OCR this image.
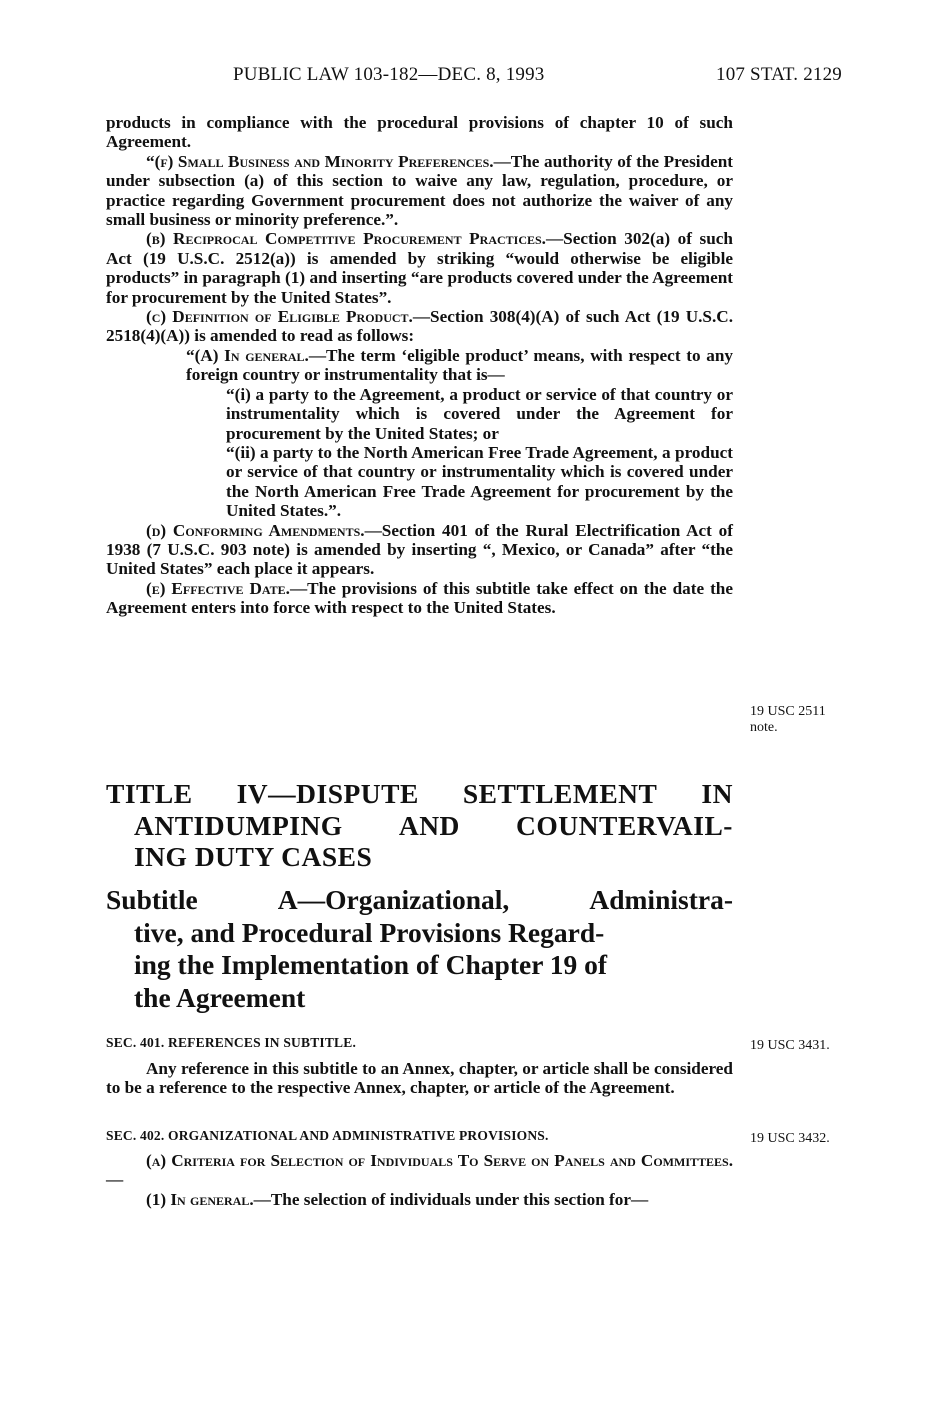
PUBLIC LAW 103-182—DEC. 8, 1993	107 STAT. 2129

products in compliance with the procedural provisions of chapter 10 of such Agreement.

“(f) Small Business and Minority Preferences.—The authority of the President under subsection (a) of this section to waive any law, regulation, procedure, or practice regarding Government procurement does not authorize the waiver of any small business or minority preference.”.

(b) Reciprocal Competitive Procurement Practices.—Section 302(a) of such Act (19 U.S.C. 2512(a)) is amended by striking “would otherwise be eligible products” in paragraph (1) and inserting “are products covered under the Agreement for procurement by the United States”.

(c) Definition of Eligible Product.—Section 308(4)(A) of such Act (19 U.S.C. 2518(4)(A)) is amended to read as follows:

“(A) In general.—The term ‘eligible product’ means, with respect to any foreign country or instrumentality that is—

“(i) a party to the Agreement, a product or service of that country or instrumentality which is covered under the Agreement for procurement by the United States; or

“(ii) a party to the North American Free Trade Agreement, a product or service of that country or instrumentality which is covered under the North American Free Trade Agreement for procurement by the United States.”.

(d) Conforming Amendments.—Section 401 of the Rural Electrification Act of 1938 (7 U.S.C. 903 note) is amended by inserting “, Mexico, or Canada” after “the United States” each place it appears.

(e) Effective Date.—The provisions of this subtitle take effect on the date the Agreement enters into force with respect to the United States.

19 USC 2511
note.
TITLE IV—DISPUTE SETTLEMENT IN
ANTIDUMPING AND COUNTERVAIL-
ING DUTY CASES
Subtitle	A—Organizational,	Administra-
tive, and Procedural Provisions Regard-
ing the Implementation of Chapter 19 of
the Agreement
SEC. 401. REFERENCES IN SUBTITLE.	19 USC 3431.

Any reference in this subtitle to an Annex, chapter, or article shall be considered to be a reference to the respective Annex, chapter, or article of the Agreement.

SEC. 402. ORGANIZATIONAL AND ADMINISTRATIVE PROVISIONS.	19 USC 3432.

(a) Criteria for Selection of Individuals To Serve on Panels and Committees.—

(1) In general.—The selection of individuals under this section for—
